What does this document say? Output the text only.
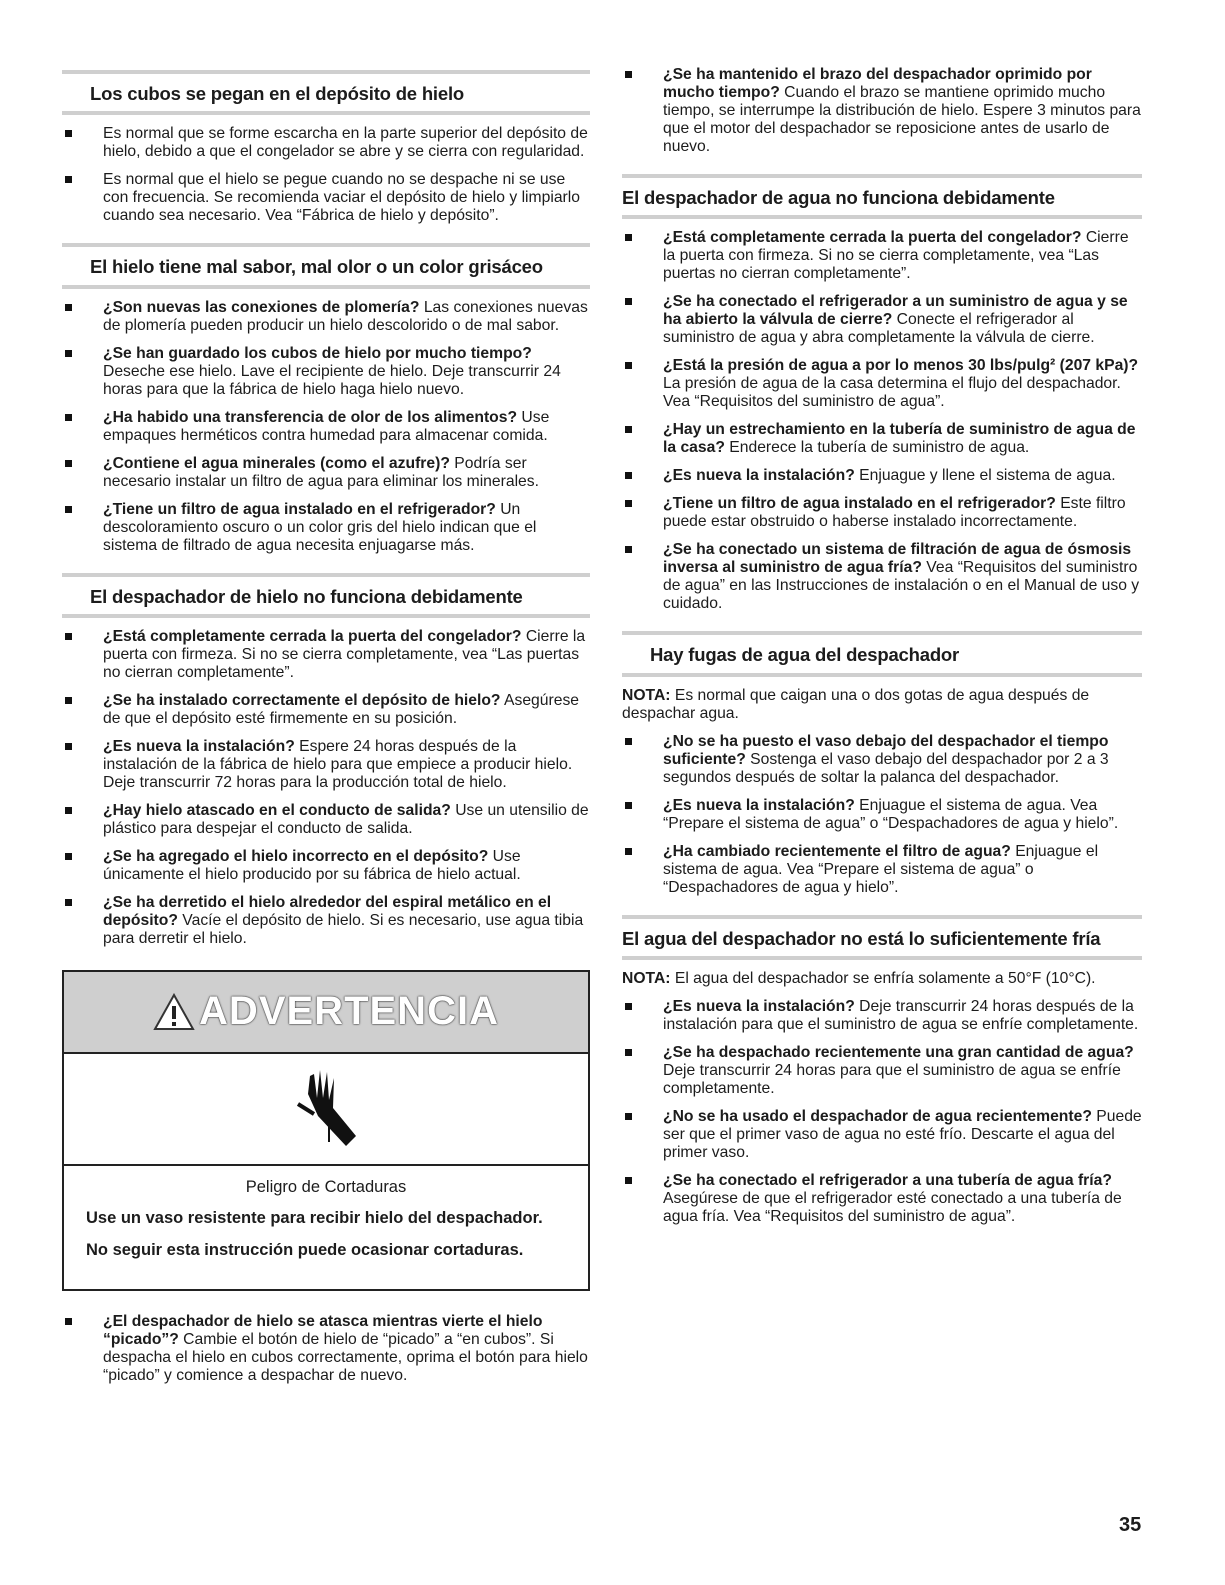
Los cubos se pegan en el depósito de hielo
Es normal que se forme escarcha en la parte superior del depósito de hielo, debido a que el congelador se abre y se cierra con regularidad.
Es normal que el hielo se pegue cuando no se despache ni se use con frecuencia. Se recomienda vaciar el depósito de hielo y limpiarlo cuando sea necesario. Vea “Fábrica de hielo y depósito”.
El hielo tiene mal sabor, mal olor o un color grisáceo
¿Son nuevas las conexiones de plomería? Las conexiones nuevas de plomería pueden producir un hielo descolorido o de mal sabor.
¿Se han guardado los cubos de hielo por mucho tiempo? Deseche ese hielo. Lave el recipiente de hielo. Deje transcurrir 24 horas para que la fábrica de hielo haga hielo nuevo.
¿Ha habido una transferencia de olor de los alimentos? Use empaques herméticos contra humedad para almacenar comida.
¿Contiene el agua minerales (como el azufre)? Podría ser necesario instalar un filtro de agua para eliminar los minerales.
¿Tiene un filtro de agua instalado en el refrigerador? Un descoloramiento oscuro o un color gris del hielo indican que el sistema de filtrado de agua necesita enjuagarse más.
El despachador de hielo no funciona debidamente
¿Está completamente cerrada la puerta del congelador? Cierre la puerta con firmeza. Si no se cierra completamente, vea “Las puertas no cierran completamente”.
¿Se ha instalado correctamente el depósito de hielo? Asegúrese de que el depósito esté firmemente en su posición.
¿Es nueva la instalación? Espere 24 horas después de la instalación de la fábrica de hielo para que empiece a producir hielo. Deje transcurrir 72 horas para la producción total de hielo.
¿Hay hielo atascado en el conducto de salida? Use un utensilio de plástico para despejar el conducto de salida.
¿Se ha agregado el hielo incorrecto en el depósito? Use únicamente el hielo producido por su fábrica de hielo actual.
¿Se ha derretido el hielo alrededor del espiral metálico en el depósito? Vacíe el depósito de hielo. Si es necesario, use agua tibia para derretir el hielo.
ADVERTENCIA
Peligro de Cortaduras
Use un vaso resistente para recibir hielo del despachador.
No seguir esta instrucción puede ocasionar cortaduras.
¿El despachador de hielo se atasca mientras vierte el hielo “picado”? Cambie el botón de hielo de “picado” a “en cubos”. Si despacha el hielo en cubos correctamente, oprima el botón para hielo “picado” y comience a despachar de nuevo.
¿Se ha mantenido el brazo del despachador oprimido por mucho tiempo? Cuando el brazo se mantiene oprimido mucho tiempo, se interrumpe la distribución de hielo. Espere 3 minutos para que el motor del despachador se reposicione antes de usarlo de nuevo.
El despachador de agua no funciona debidamente
¿Está completamente cerrada la puerta del congelador? Cierre la puerta con firmeza. Si no se cierra completamente, vea “Las puertas no cierran completamente”.
¿Se ha conectado el refrigerador a un suministro de agua y se ha abierto la válvula de cierre? Conecte el refrigerador al suministro de agua y abra completamente la válvula de cierre.
¿Está la presión de agua a por lo menos 30 lbs/pulg² (207 kPa)? La presión de agua de la casa determina el flujo del despachador. Vea “Requisitos del suministro de agua”.
¿Hay un estrechamiento en la tubería de suministro de agua de la casa? Enderece la tubería de suministro de agua.
¿Es nueva la instalación? Enjuague y llene el sistema de agua.
¿Tiene un filtro de agua instalado en el refrigerador? Este filtro puede estar obstruido o haberse instalado incorrectamente.
¿Se ha conectado un sistema de filtración de agua de ósmosis inversa al suministro de agua fría? Vea “Requisitos del suministro de agua” en las Instrucciones de instalación o en el Manual de uso y cuidado.
Hay fugas de agua del despachador

NOTA: Es normal que caigan una o dos gotas de agua después de despachar agua.

¿No se ha puesto el vaso debajo del despachador el tiempo suficiente? Sostenga el vaso debajo del despachador por 2 a 3 segundos después de soltar la palanca del despachador.
¿Es nueva la instalación? Enjuague el sistema de agua. Vea “Prepare el sistema de agua” o “Despachadores de agua y hielo”.
¿Ha cambiado recientemente el filtro de agua? Enjuague el sistema de agua. Vea “Prepare el sistema de agua” o “Despachadores de agua y hielo”.
El agua del despachador no está lo suficientemente fría

NOTA: El agua del despachador se enfría solamente a 50°F (10°C).

¿Es nueva la instalación? Deje transcurrir 24 horas después de la instalación para que el suministro de agua se enfríe completamente.
¿Se ha despachado recientemente una gran cantidad de agua? Deje transcurrir 24 horas para que el suministro de agua se enfríe completamente.
¿No se ha usado el despachador de agua recientemente? Puede ser que el primer vaso de agua no esté frío. Descarte el agua del primer vaso.
¿Se ha conectado el refrigerador a una tubería de agua fría? Asegúrese de que el refrigerador esté conectado a una tubería de agua fría. Vea “Requisitos del suministro de agua”.
35
